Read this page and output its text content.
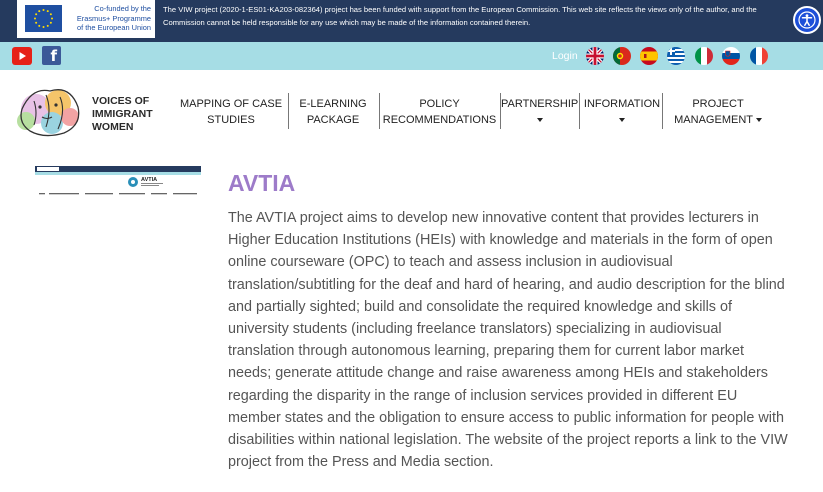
Co-funded by the
Erasmus+ Programme
of the European Union
The VIW project (2020-1-ES01-KA203-082364) project has been funded with support from the European Commission. This web site reflects the views only of the author, and the Commission cannot be held responsible for any use which may be made of the information contained therein.
f	Login
VOICES OF
IMMIGRANT
WOMEN
MAPPING OF CASE
STUDIES
E-LEARNING
PACKAGE
POLICY
RECOMMENDATIONS
PARTNERSHIP INFORMATION	PROJECT
MANAGEMENT
AVTIA	AVTIA

The AVTIA project aims to develop new innovative content that provides lecturers in Higher Education Institutions (HEIs) with knowledge and materials in the form of open online courseware (OPC) to teach and assess inclusion in audiovisual translation/subtitling for the deaf and hard of hearing, and audio description for the blind and partially sighted; build and consolidate the required knowledge and skills of university students (including freelance translators) specializing in audiovisual translation through autonomous learning, preparing them for current labor market needs; generate attitude change and raise awareness among HEIs and stakeholders regarding the disparity in the range of inclusion services provided in different EU member states and the obligation to ensure access to public information for people with disabilities within national legislation. The website of the project reports a link to the VIW project from the Press and Media section.
